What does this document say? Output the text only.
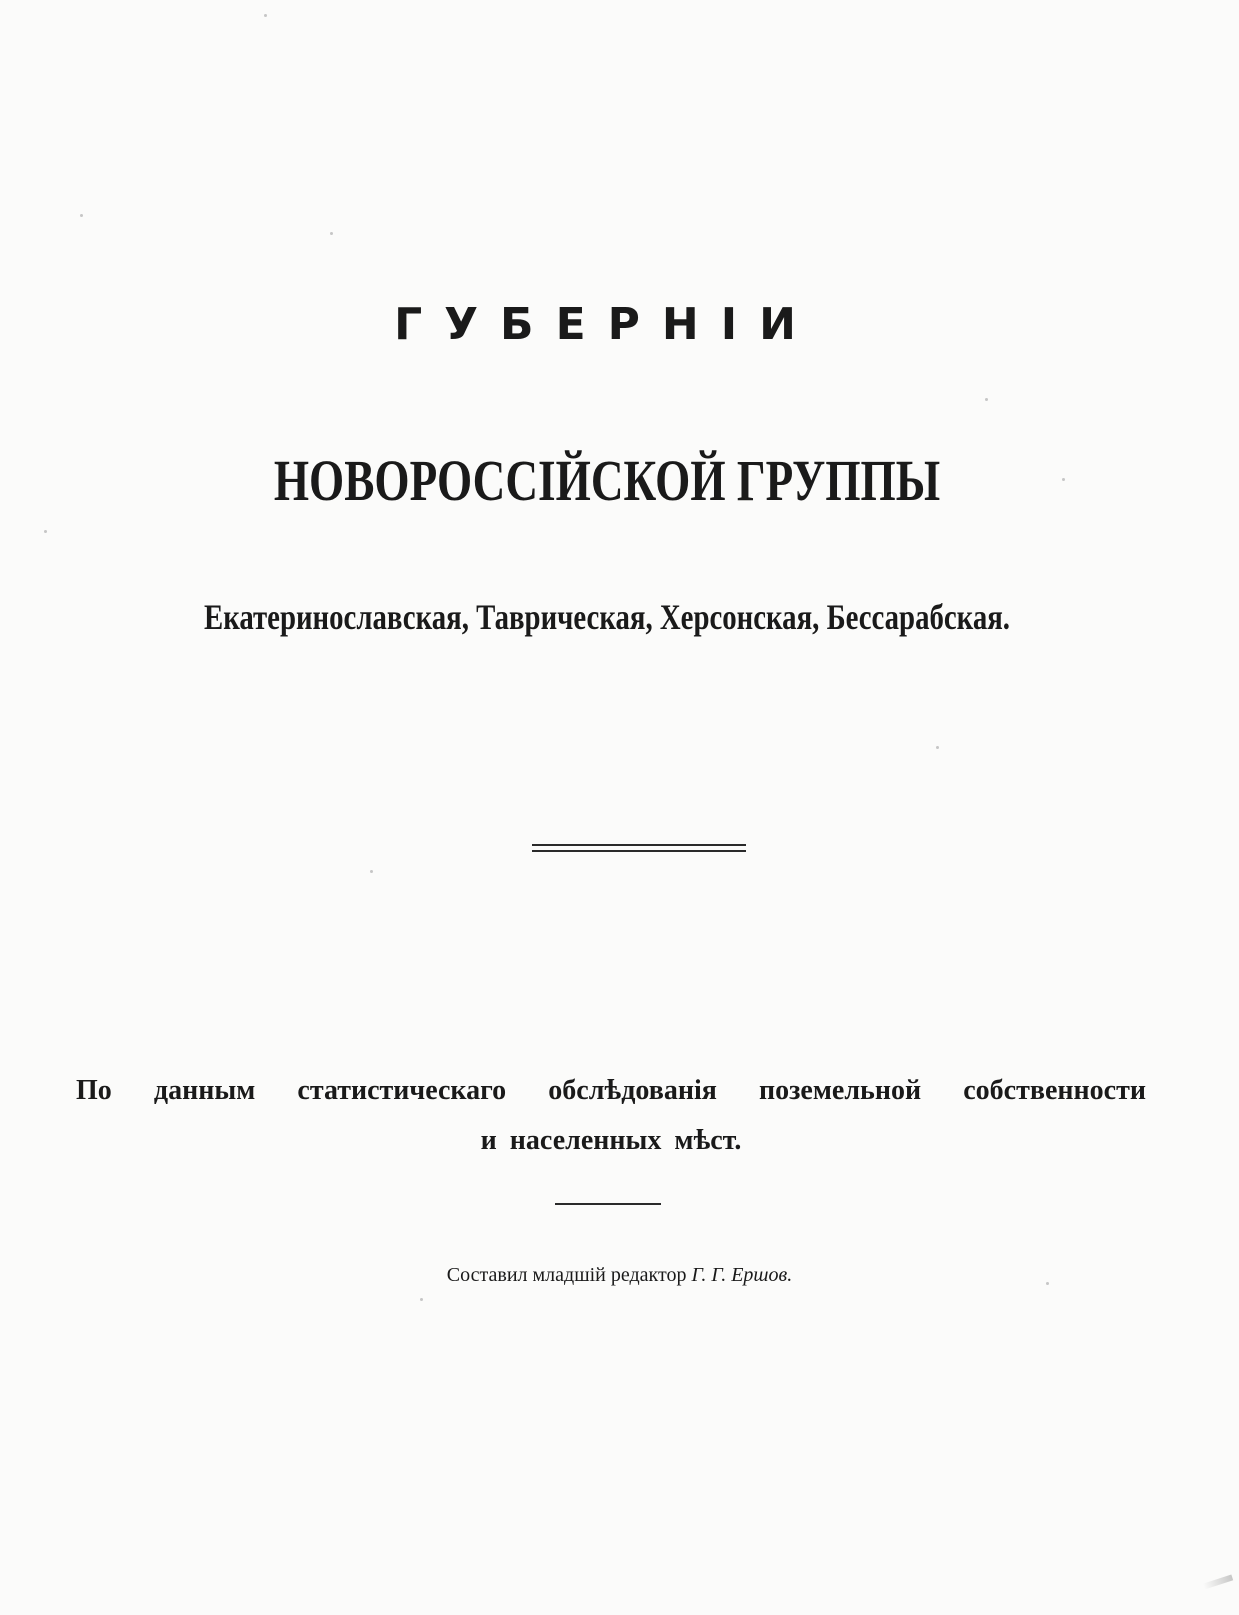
ГУБЕРНІИ
НОВОРОССІЙСКОЙ ГРУППЫ
Екатеринославская, Таврическая, Херсонская, Бессарабская.
По данным статистическаго обслѣдованія поземельной собственности
и населенных мѣст.
Составил младшій редактор Г. Г. Ершов.
